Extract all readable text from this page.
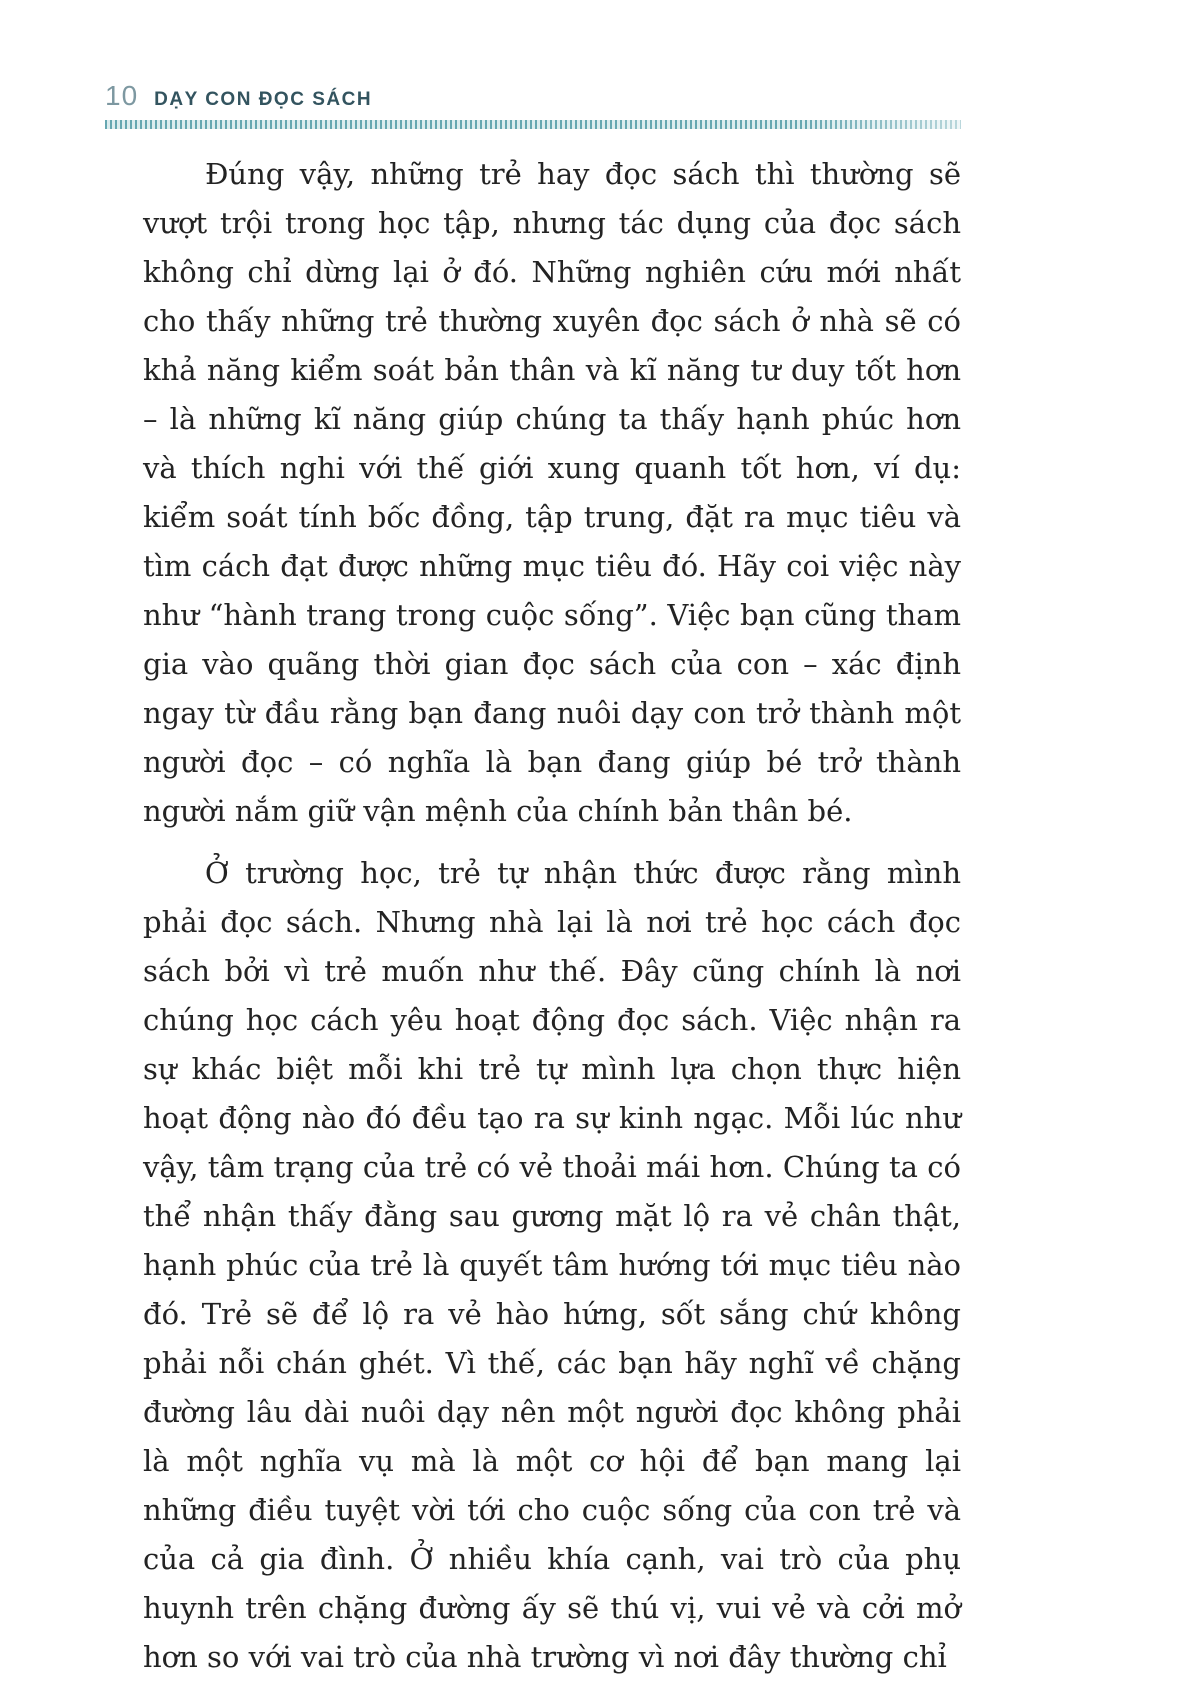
10 DẠY CON ĐỌC SÁCH

Đúng vậy, những trẻ hay đọc sách thì thường sẽ vượt trội trong học tập, nhưng tác dụng của đọc sách không chỉ dừng lại ở đó. Những nghiên cứu mới nhất cho thấy những trẻ thường xuyên đọc sách ở nhà sẽ có khả năng kiểm soát bản thân và kĩ năng tư duy tốt hơn – là những kĩ năng giúp chúng ta thấy hạnh phúc hơn và thích nghi với thế giới xung quanh tốt hơn, ví dụ: kiểm soát tính bốc đồng, tập trung, đặt ra mục tiêu và tìm cách đạt được những mục tiêu đó. Hãy coi việc này như “hành trang trong cuộc sống”. Việc bạn cũng tham gia vào quãng thời gian đọc sách của con – xác định ngay từ đầu rằng bạn đang nuôi dạy con trở thành một người đọc – có nghĩa là bạn đang giúp bé trở thành người nắm giữ vận mệnh của chính bản thân bé.

Ở trường học, trẻ tự nhận thức được rằng mình phải đọc sách. Nhưng nhà lại là nơi trẻ học cách đọc sách bởi vì trẻ muốn như thế. Đây cũng chính là nơi chúng học cách yêu hoạt động đọc sách. Việc nhận ra sự khác biệt mỗi khi trẻ tự mình lựa chọn thực hiện hoạt động nào đó đều tạo ra sự kinh ngạc. Mỗi lúc như vậy, tâm trạng của trẻ có vẻ thoải mái hơn. Chúng ta có thể nhận thấy đằng sau gương mặt lộ ra vẻ chân thật, hạnh phúc của trẻ là quyết tâm hướng tới mục tiêu nào đó. Trẻ sẽ để lộ ra vẻ hào hứng, sốt sắng chứ không phải nỗi chán ghét. Vì thế, các bạn hãy nghĩ về chặng đường lâu dài nuôi dạy nên một người đọc không phải là một nghĩa vụ mà là một cơ hội để bạn mang lại những điều tuyệt vời tới cho cuộc sống của con trẻ và của cả gia đình. Ở nhiều khía cạnh, vai trò của phụ huynh trên chặng đường ấy sẽ thú vị, vui vẻ và cởi mở hơn so với vai trò của nhà trường vì nơi đây thường chỉ
